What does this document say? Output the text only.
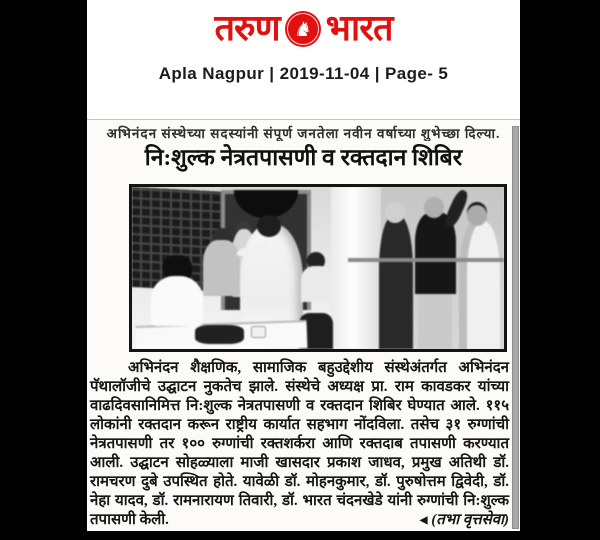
तरुण ♞ भारत
Apla Nagpur | 2019-11-04 | Page- 5
अभिनंदन संस्थेच्या सदस्यांनी संपूर्ण जनतेला नवीन वर्षाच्या शुभेच्छा दिल्या.
नि:शुल्क नेत्रतपासणी व रक्तदान शिबिर

अभिनंदन शैक्षणिक, सामाजिक बहुउद्देशीय संस्थेअंतर्गत अभिनंदन पॅथालॉजीचे उद्घाटन नुकतेच झाले. संस्थेचे अध्यक्ष प्रा. राम कावडकर यांच्या वाढदिवसानिमित्त नि:शुल्क नेत्रतपासणी व रक्तदान शिबिर घेण्यात आले. ११५ लोकांनी रक्तदान करून राष्ट्रीय कार्यात सहभाग नोंदविला. तसेच ३१ रुग्णांची नेत्रतपासणी तर १०० रुग्णांची रक्तशर्करा आणि रक्तदाब तपासणी करण्यात आली. उद्घाटन सोहळ्याला माजी खासदार प्रकाश जाधव, प्रमुख अतिथी डॉ. रामचरण दुबे उपस्थित होते. यावेळी डॉ. मोहनकुमार, डॉ. पुरुषोत्तम द्विवेदी, डॉ. नेहा यादव, डॉ. रामनारायण तिवारी, डॉ. भारत चंदनखेडे यांनी रुग्णांची नि:शुल्क तपासणी केली.	◀ (तभा वृत्तसेवा)
